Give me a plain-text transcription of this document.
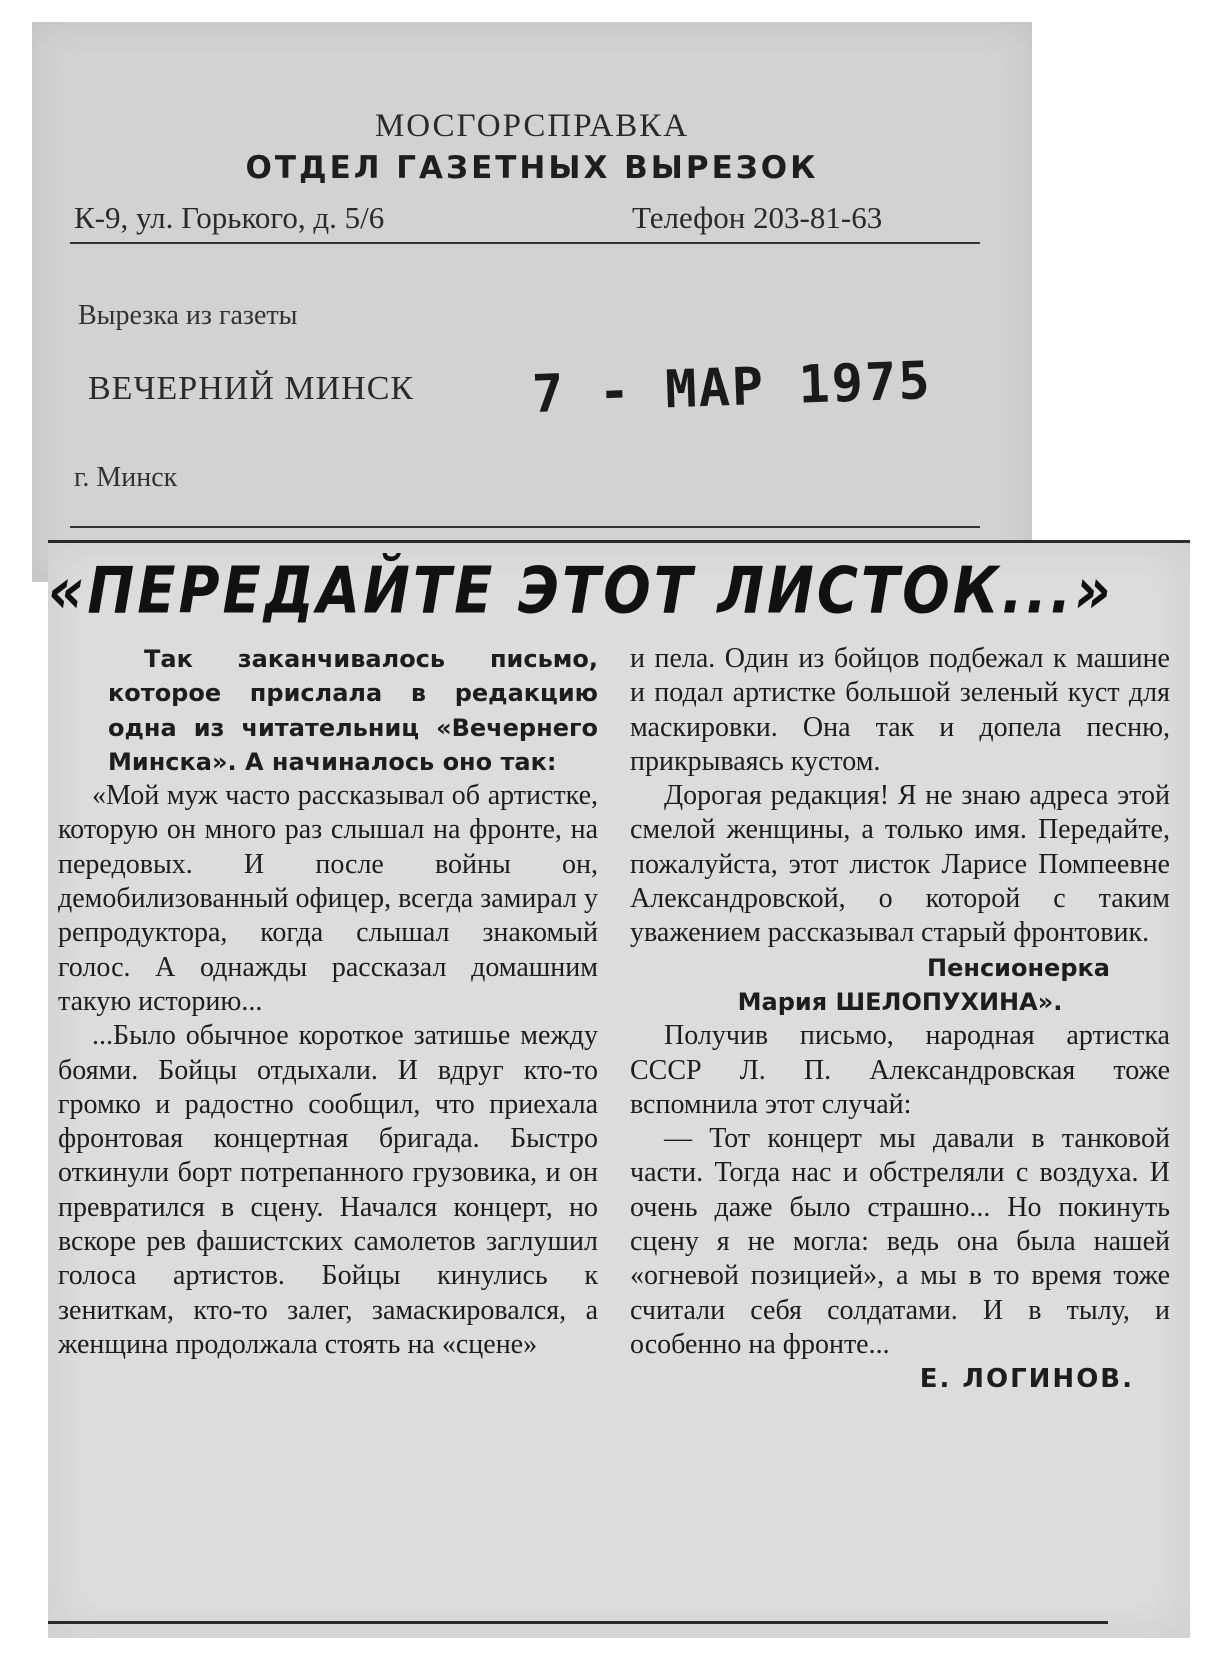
МОСГОРСПРАВКА
ОТДЕЛ ГАЗЕТНЫХ ВЫРЕЗОК
К-9, ул. Горького, д. 5/6	Телефон 203-81-63
Вырезка из газеты
ВЕЧЕРНИЙ МИНСК 7 - МАР 1975
г. Минск
«ПЕРЕДАЙТЕ ЭТОТ ЛИСТОК...»

Так заканчивалось письмо, которое прислала в редакцию одна из читательниц «Вечернего Минска». А начиналось оно так:

«Мой муж часто рассказывал об артистке, которую он много раз слышал на фронте, на передовых. И после войны он, демобилизованный офицер, всегда замирал у репродуктора, когда слышал знакомый голос. А однажды рассказал домашним такую историю...

...Было обычное короткое затишье между боями. Бойцы отдыхали. И вдруг кто-то громко и радостно сообщил, что приехала фронтовая концертная бригада. Быстро откинули борт потрепанного грузовика, и он превратился в сцену. Начался концерт, но вскоре рев фашистских самолетов заглушил голоса артистов. Бойцы кинулись к зениткам, кто-то залег, замаскировался, а женщина продолжала стоять на «сцене»

и пела. Один из бойцов подбежал к машине и подал артистке большой зеленый куст для маскировки. Она так и допела песню, прикрываясь кустом.

Дорогая редакция! Я не знаю адреса этой смелой женщины, а только имя. Передайте, пожалуйста, этот листок Ларисе Помпеевне Александровской, о которой с таким уважением рассказывал старый фронтовик.

Пенсионерка

Мария ШЕЛОПУХИНА».

Получив письмо, народная артистка СССР Л. П. Александровская тоже вспомнила этот случай:

— Тот концерт мы давали в танковой части. Тогда нас и обстреляли с воздуха. И очень даже было страшно... Но покинуть сцену я не могла: ведь она была нашей «огневой позицией», а мы в то время тоже считали себя солдатами. И в тылу, и особенно на фронте...

Е. ЛОГИНОВ.
